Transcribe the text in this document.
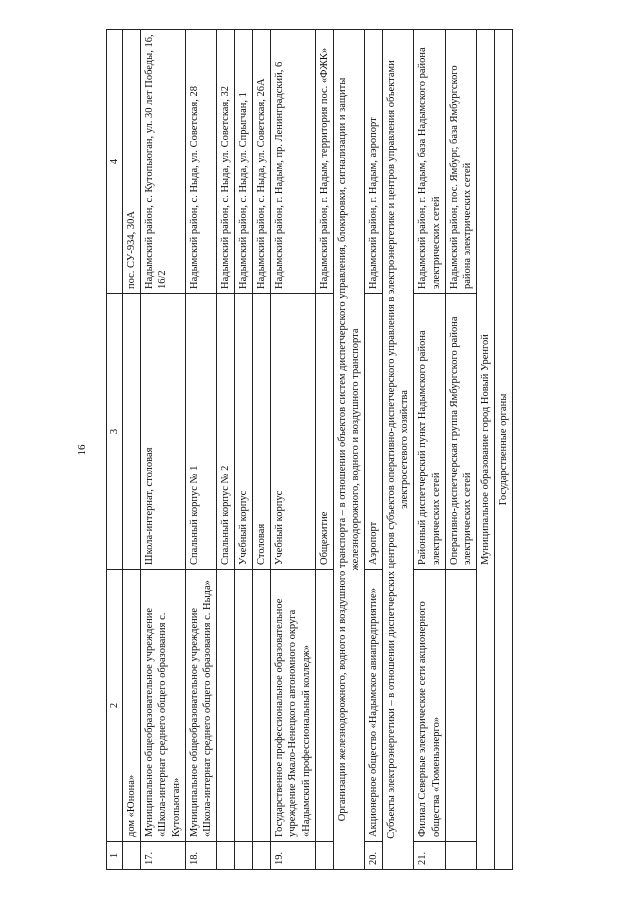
16
1	2	3	4
	дом «Юнона»		пос. СУ-934, 30А
17.	Муниципальное общеобразовательное учреждение «Школа-интернат среднего общего образования с. Кутопьюган»	Школа-интернат, столовая	Надымский район, с. Кутопьюган, ул. 30 лет Победы, 16, 16/2
18.	Муниципальное общеобразовательное учреждение «Школа-интернат среднего общего образования с. Ныда»	Спальный корпус № 1	Надымский район, с. Ныда, ул. Советская, 28
		Спальный корпус № 2	Надымский район, с. Ныда, ул. Советская, 32
		Учебный корпус	Надымский район, с. Ныда, ул. Спрыгчан, 1
		Столовая	Надымский район, с. Ныда, ул. Советская, 26А
19.	Государственное профессиональное образовательное учреждение Ямало-Ненецкого автономного округа «Надымский профессиональный колледж»	Учебный корпус	Надымский район, г. Надым, пр. Ленинградский, 6
		Общежитие	Надымский район, г. Надым, территория пос. «ФЖК»
Организации железнодорожного, водного и воздушного транспорта – в отношении объектов систем диспетчерского управления, блокировки, сигнализации и защиты железнодорожного, водного и воздушного транспорта			
20.	Акционерное общество «Надымское авиапредприятие»	Аэропорт	Надымский район, г. Надым, аэропорт
Субъекты электроэнергетики – в отношении диспетчерских центров субъектов оперативно-диспетчерского управления в электроэнергетике и центров управления объектами электросетевого хозяйства			
21.	Филиал Северные электрические сети акционерного общества «Тюменьэнерго»	Районный диспетчерский пункт Надымского района электрических сетей	Надымский район, г. Надым, база Надымского района электрических сетей
		Оперативно-диспетчерская группа Ямбургского района электрических сетей	Надымский район, пос. Ямбург, база Ямбургского района электрических сетей
Муниципальное образование город Новый Уренгой			
Государственные органы			
